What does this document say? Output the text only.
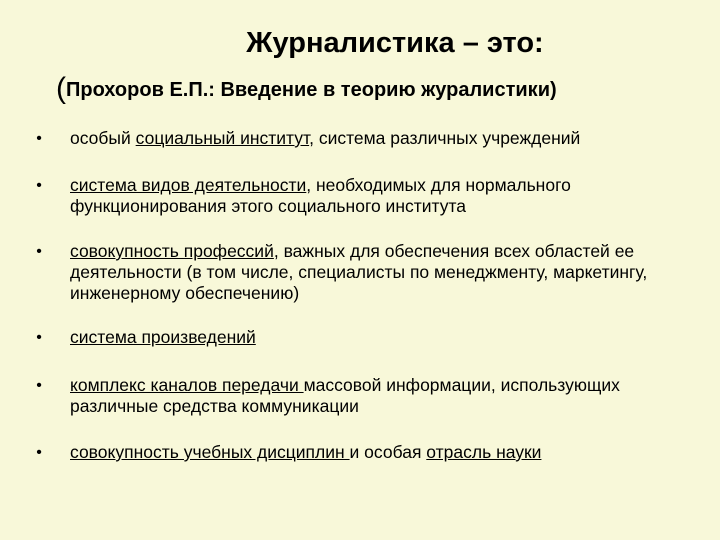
Журналистика – это:
(Прохоров Е.П.: Введение в теорию журалистики)
• особый социальный институт, система различных учреждений
• система видов деятельности, необходимых для нормального функционирования этого социального института
• совокупность профессий, важных для обеспечения всех областей ее деятельности (в том числе, специалисты по менеджменту, маркетингу, инженерному обеспечению)
• система произведений
• комплекс каналов передачи массовой информации, использующих различные средства коммуникации
• совокупность учебных дисциплин и особая отрасль науки
